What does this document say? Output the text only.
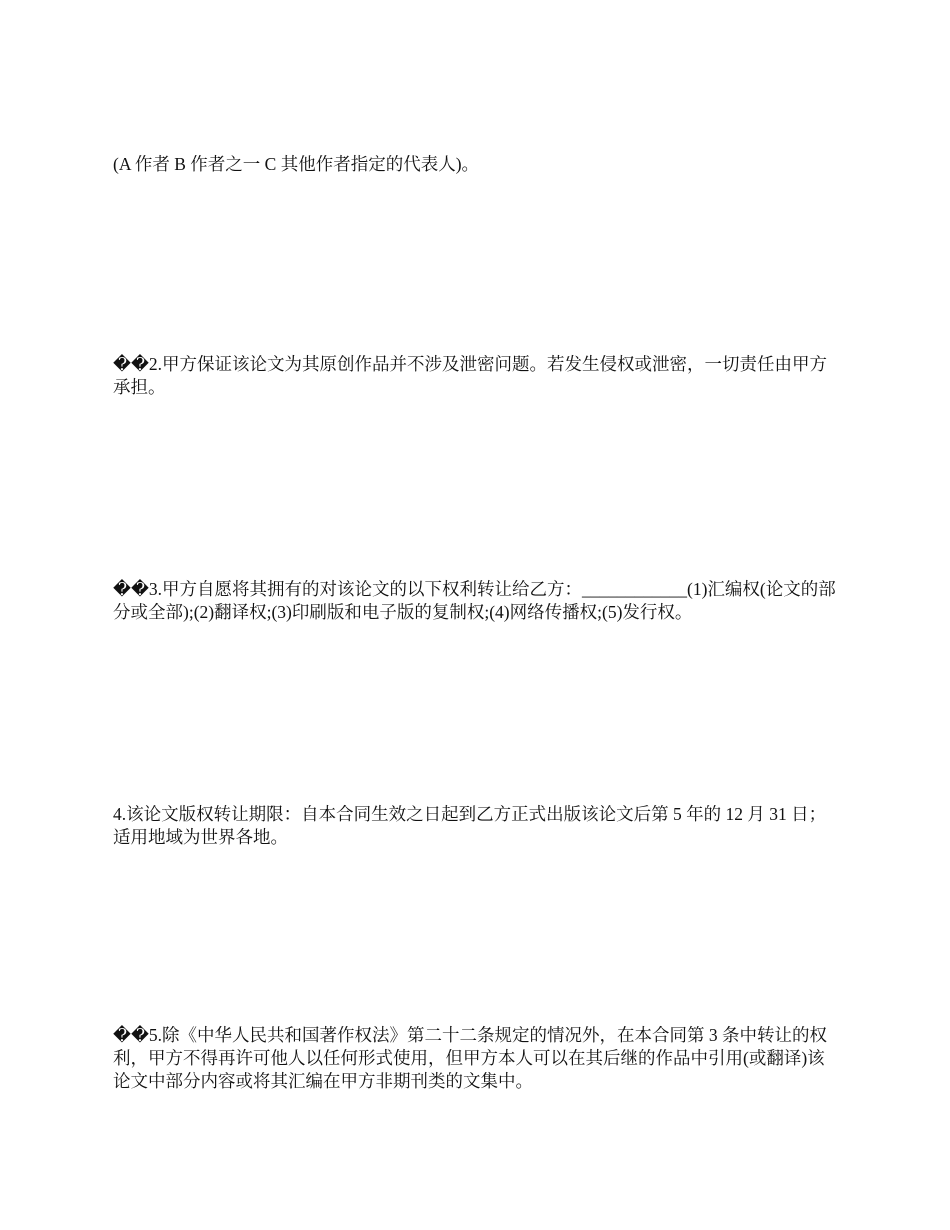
(A 作者 B 作者之一 C 其他作者指定的代表人)。

��2.甲方保证该论文为其原创作品并不涉及泄密问题。若发生侵权或泄密，一切责任由甲方承担。

��3.甲方自愿将其拥有的对该论文的以下权利转让给乙方：____________(1)汇编权(论文的部分或全部);(2)翻译权;(3)印刷版和电子版的复制权;(4)网络传播权;(5)发行权。

4.该论文版权转让期限：自本合同生效之日起到乙方正式出版该论文后第 5 年的 12 月 31 日；适用地域为世界各地。

��5.除《中华人民共和国著作权法》第二十二条规定的情况外，在本合同第 3 条中转让的权利，甲方不得再许可他人以任何形式使用，但甲方本人可以在其后继的作品中引用(或翻译)该论文中部分内容或将其汇编在甲方非期刊类的文集中。
